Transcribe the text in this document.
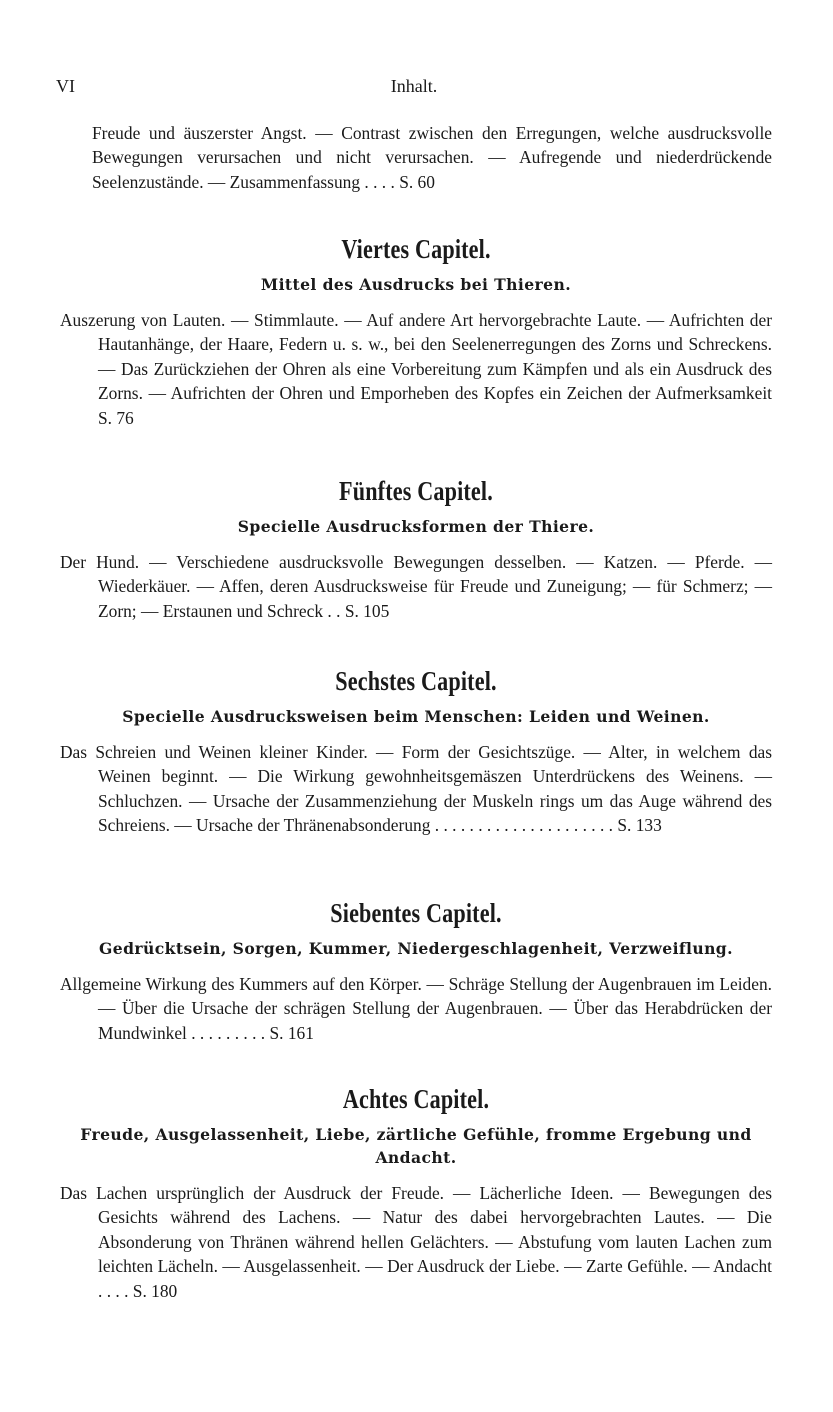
VI	Inhalt.

Freude und äuszerster Angst. — Contrast zwischen den Erregungen, welche ausdrucksvolle Bewegungen verursachen und nicht verursachen. — Aufregende und niederdrückende Seelenzustände. — Zusammenfassung . . . . S. 60

Viertes Capitel.
Mittel des Ausdrucks bei Thieren.

Auszerung von Lauten. — Stimmlaute. — Auf andere Art hervorgebrachte Laute. — Aufrichten der Hautanhänge, der Haare, Federn u. s. w., bei den Seelenerregungen des Zorns und Schreckens. — Das Zurückziehen der Ohren als eine Vorbereitung zum Kämpfen und als ein Ausdruck des Zorns. — Aufrichten der Ohren und Emporheben des Kopfes ein Zeichen der Aufmerksamkeit S. 76

Fünftes Capitel.
Specielle Ausdrucksformen der Thiere.

Der Hund. — Verschiedene ausdrucksvolle Bewegungen desselben. — Katzen. — Pferde. — Wiederkäuer. — Affen, deren Ausdrucksweise für Freude und Zuneigung; — für Schmerz; — Zorn; — Erstaunen und Schreck . . S. 105

Sechstes Capitel.
Specielle Ausdrucksweisen beim Menschen: Leiden und Weinen.

Das Schreien und Weinen kleiner Kinder. — Form der Gesichtszüge. — Alter, in welchem das Weinen beginnt. — Die Wirkung gewohnheitsgemäszen Unterdrückens des Weinens. — Schluchzen. — Ursache der Zusammenziehung der Muskeln rings um das Auge während des Schreiens. — Ursache der Thränenabsonderung . . . . . . . . . . . . . . . . . . . . . S. 133

Siebentes Capitel.
Gedrücktsein, Sorgen, Kummer, Niedergeschlagenheit, Verzweiflung.

Allgemeine Wirkung des Kummers auf den Körper. — Schräge Stellung der Augenbrauen im Leiden. — Über die Ursache der schrägen Stellung der Augenbrauen. — Über das Herabdrücken der Mundwinkel . . . . . . . . . S. 161

Achtes Capitel.
Freude, Ausgelassenheit, Liebe, zärtliche Gefühle, fromme Ergebung und Andacht.

Das Lachen ursprünglich der Ausdruck der Freude. — Lächerliche Ideen. — Bewegungen des Gesichts während des Lachens. — Natur des dabei hervorgebrachten Lautes. — Die Absonderung von Thränen während hellen Gelächters. — Abstufung vom lauten Lachen zum leichten Lächeln. — Ausgelassenheit. — Der Ausdruck der Liebe. — Zarte Gefühle. — Andacht . . . . S. 180
